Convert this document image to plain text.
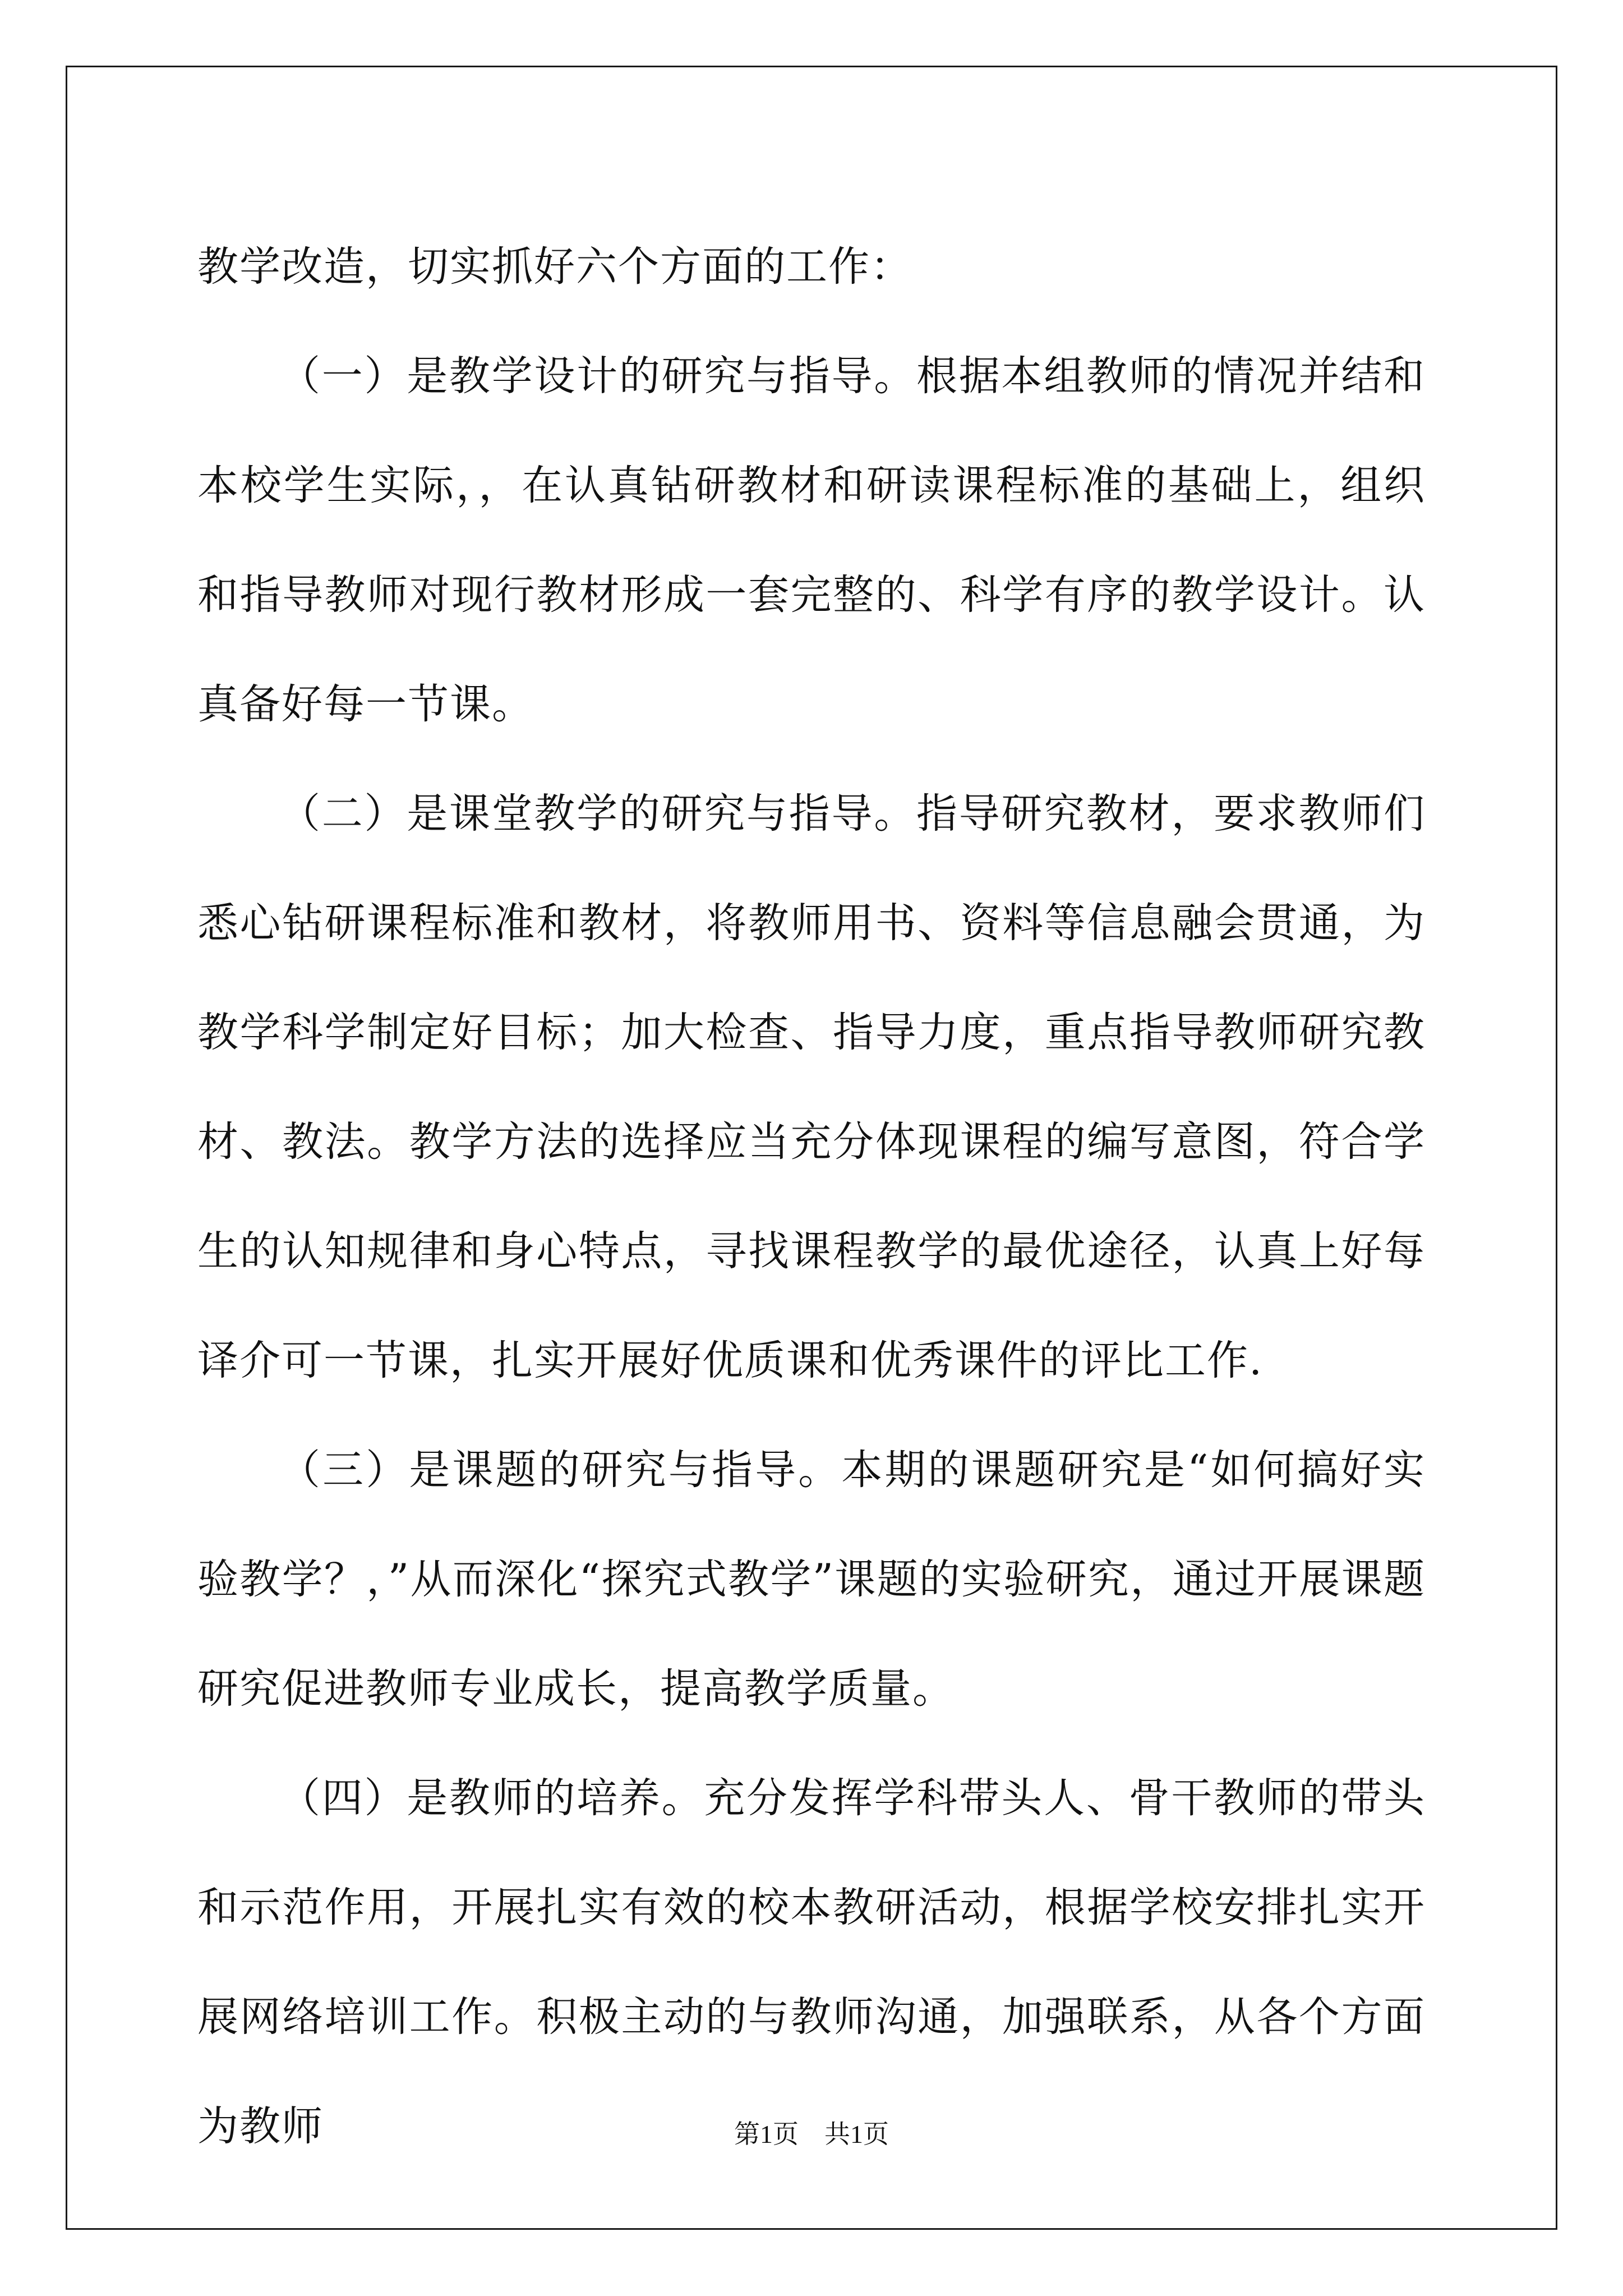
教学改造，切实抓好六个方面的工作：

（一）是教学设计的研究与指导。根据本组教师的情况并结和本校学生实际，，在认真钻研教材和研读课程标准的基础上，组织和指导教师对现行教材形成一套完整的、科学有序的教学设计。认真备好每一节课。

（二）是课堂教学的研究与指导。指导研究教材，要求教师们悉心钻研课程标准和教材，将教师用书、资料等信息融会贯通，为教学科学制定好目标；加大检查、指导力度，重点指导教师研究教材、教法。教学方法的选择应当充分体现课程的编写意图，符合学生的认知规律和身心特点，寻找课程教学的最优途径，认真上好每译介可一节课，扎实开展好优质课和优秀课件的评比工作.

（三）是课题的研究与指导。本期的课题研究是“如何搞好实验教学？，”从而深化“探究式教学”课题的实验研究，通过开展课题研究促进教师专业成长，提高教学质量。

（四）是教师的培养。充分发挥学科带头人、骨干教师的带头和示范作用，开展扎实有效的校本教研活动，根据学校安排扎实开展网络培训工作。积极主动的与教师沟通，加强联系，从各个方面为教师	第1页 共1页
